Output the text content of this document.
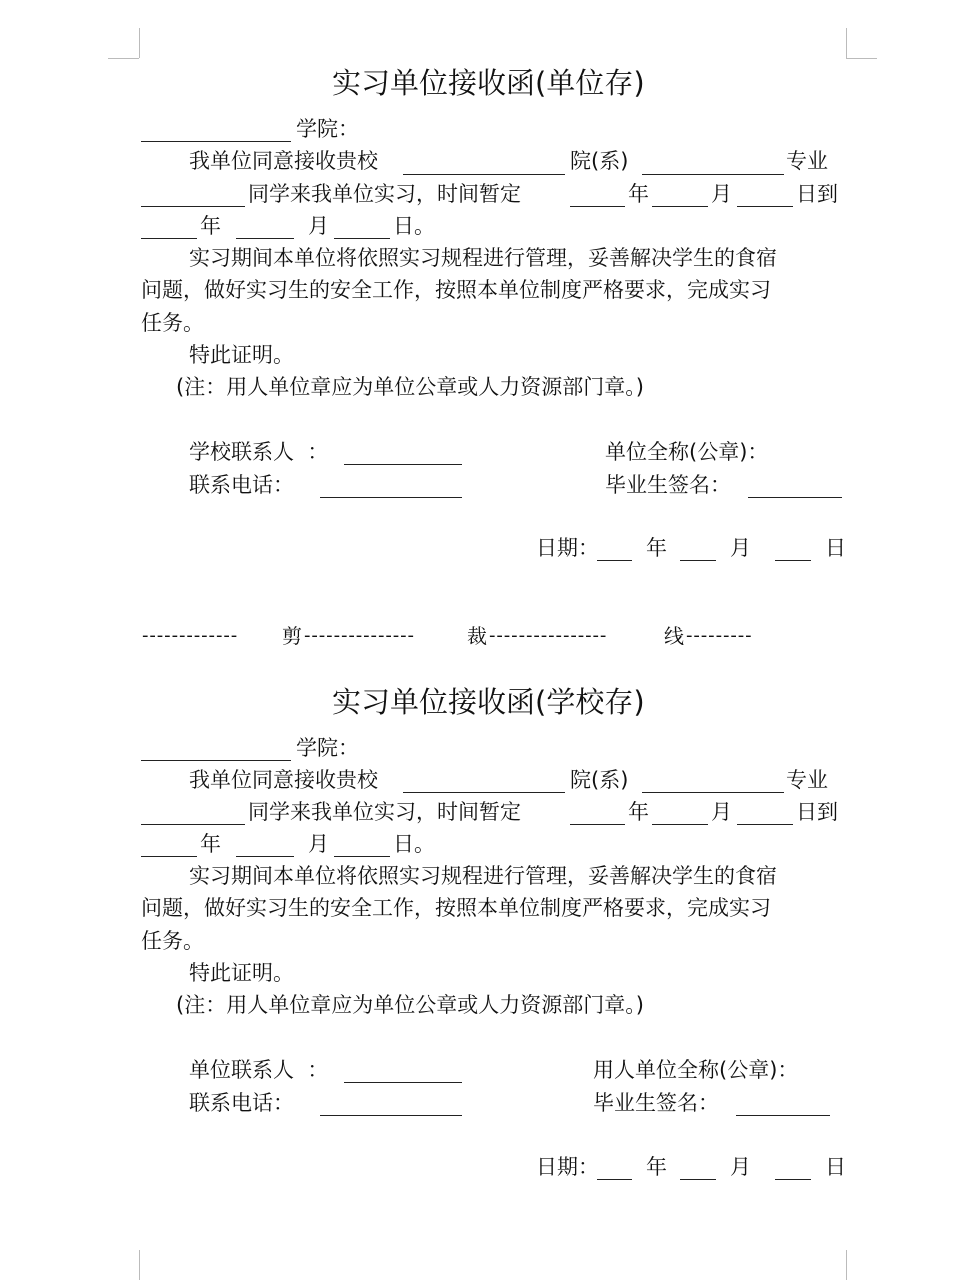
实习单位接收函(单位存)
学院：
我单位同意接收贵校	院(系)	专业
同学来我单位实习，时间暂定	年	月	日到
年	月	日。
实习期间本单位将依照实习规程进行管理，妥善解决学生的食宿
问题，做好实习生的安全工作，按照本单位制度严格要求，完成实习
任务。
特此证明。
(注：用人单位章应为单位公章或人力资源部门章。)
学校联系人  ：	单位全称(公章)：
联系电话：	毕业生签名：
日期： 年	月	日
------------- 剪 ---------------	裁 ----------------	线 ---------
实习单位接收函(学校存)
学院：
我单位同意接收贵校	院(系)	专业
同学来我单位实习，时间暂定	年	月	日到
年	月	日。
实习期间本单位将依照实习规程进行管理，妥善解决学生的食宿
问题，做好实习生的安全工作，按照本单位制度严格要求，完成实习
任务。
特此证明。
(注：用人单位章应为单位公章或人力资源部门章。)
单位联系人  ：	用人单位全称(公章)：
联系电话：	毕业生签名：
日期： 年	月	日
